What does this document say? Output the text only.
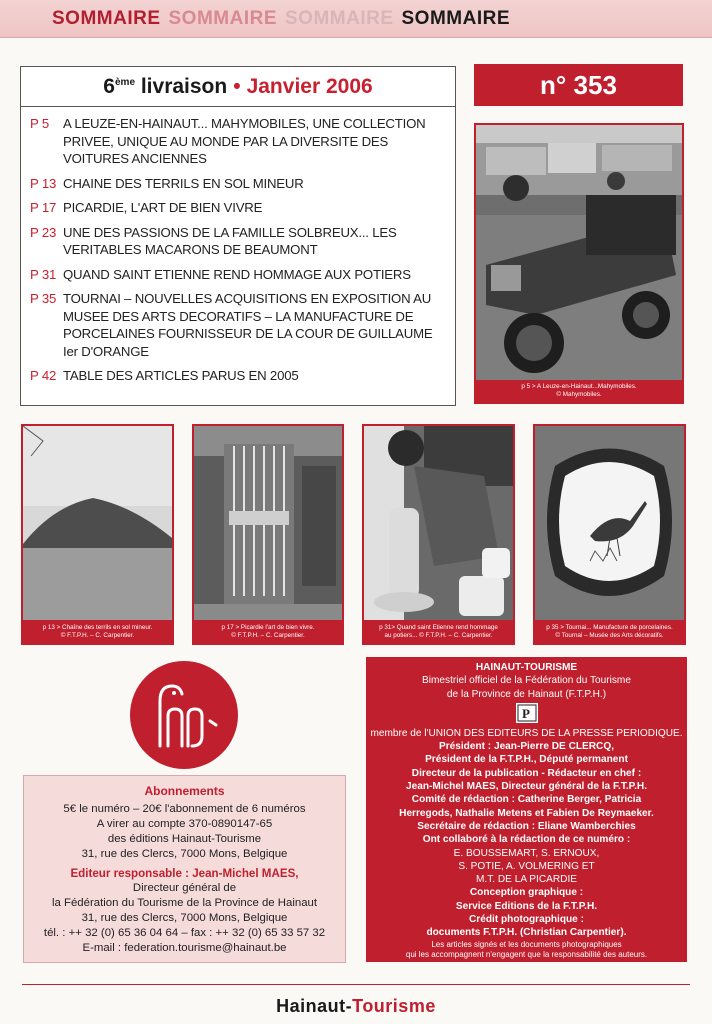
SOMMAIRE SOMMAIRE SOMMAIRE SOMMAIRE
6ème livraison • Janvier 2006
P 5	A LEUZE-EN-HAINAUT... MAHYMOBILES, UNE COLLECTION PRIVEE, UNIQUE AU MONDE PAR LA DIVERSITE DES VOITURES ANCIENNES
P 13 CHAINE DES TERRILS EN SOL MINEUR
P 17 PICARDIE, L'ART DE BIEN VIVRE
P 23 UNE DES PASSIONS DE LA FAMILLE SOLBREUX... LES VERITABLES MACARONS DE BEAUMONT
P 31 QUAND SAINT ETIENNE REND HOMMAGE AUX POTIERS
P 35 TOURNAI – NOUVELLES ACQUISITIONS EN EXPOSITION AU MUSEE DES ARTS DECORATIFS – LA MANUFACTURE DE PORCELAINES FOURNISSEUR DE LA COUR DE GUILLAUME Ier D'ORANGE
P 42 TABLE DES ARTICLES PARUS EN 2005
n° 353
p 5 > A Leuze-en-Hainaut...Mahymobiles.
© Mahymobiles.
p 13 > Chaîne des terrils en sol mineur.
© F.T.P.H. – C. Carpentier.
p 17 > Picardie l'art de bien vivre.
© F.T.P.H. – C. Carpentier.
p 31> Quand saint Etienne rend hommage
au potiers... © F.T.P.H. – C. Carpentier.
p 35 > Tournai... Manufacture de porcelaines.
© Tournai – Musée des Arts décoratifs.
Abonnements
5€ le numéro – 20€ l'abonnement de 6 numéros
A virer au compte 370-0890147-65
des éditions Hainaut-Tourisme
31, rue des Clercs, 7000 Mons, Belgique
Editeur responsable : Jean-Michel MAES,
Directeur général de
la Fédération du Tourisme de la Province de Hainaut
31, rue des Clercs, 7000 Mons, Belgique
tél. : ++ 32 (0) 65 36 04 64 – fax : ++ 32 (0) 65 33 57 32
E-mail : federation.tourisme@hainaut.be
HAINAUT-TOURISME
Bimestriel officiel de la Fédération du Tourisme
de la Province de Hainaut (F.T.P.H.)
P
membre de l'UNION DES EDITEURS DE LA PRESSE PERIODIQUE.
Président : Jean-Pierre DE CLERCQ,
Président de la F.T.P.H., Député permanent
Directeur de la publication - Rédacteur en chef :
Jean-Michel MAES, Directeur général de la F.T.P.H.
Comité de rédaction : Catherine Berger, Patricia
Herregods, Nathalie Metens et Fabien De Reymaeker.
Secrétaire de rédaction : Eliane Wamberchies
Ont collaboré à la rédaction de ce numéro :
E. BOUSSEMART, S. ERNOUX,
S. POTIE, A. VOLMERING ET
M.T. DE LA PICARDIE
Conception graphique :
Service Editions de la F.T.P.H.
Crédit photographique :
documents F.T.P.H. (Christian Carpentier).
Les articles signés et les documents photographiques
qui les accompagnent n'engagent que la responsabilité des auteurs.
Hainaut-Tourisme
